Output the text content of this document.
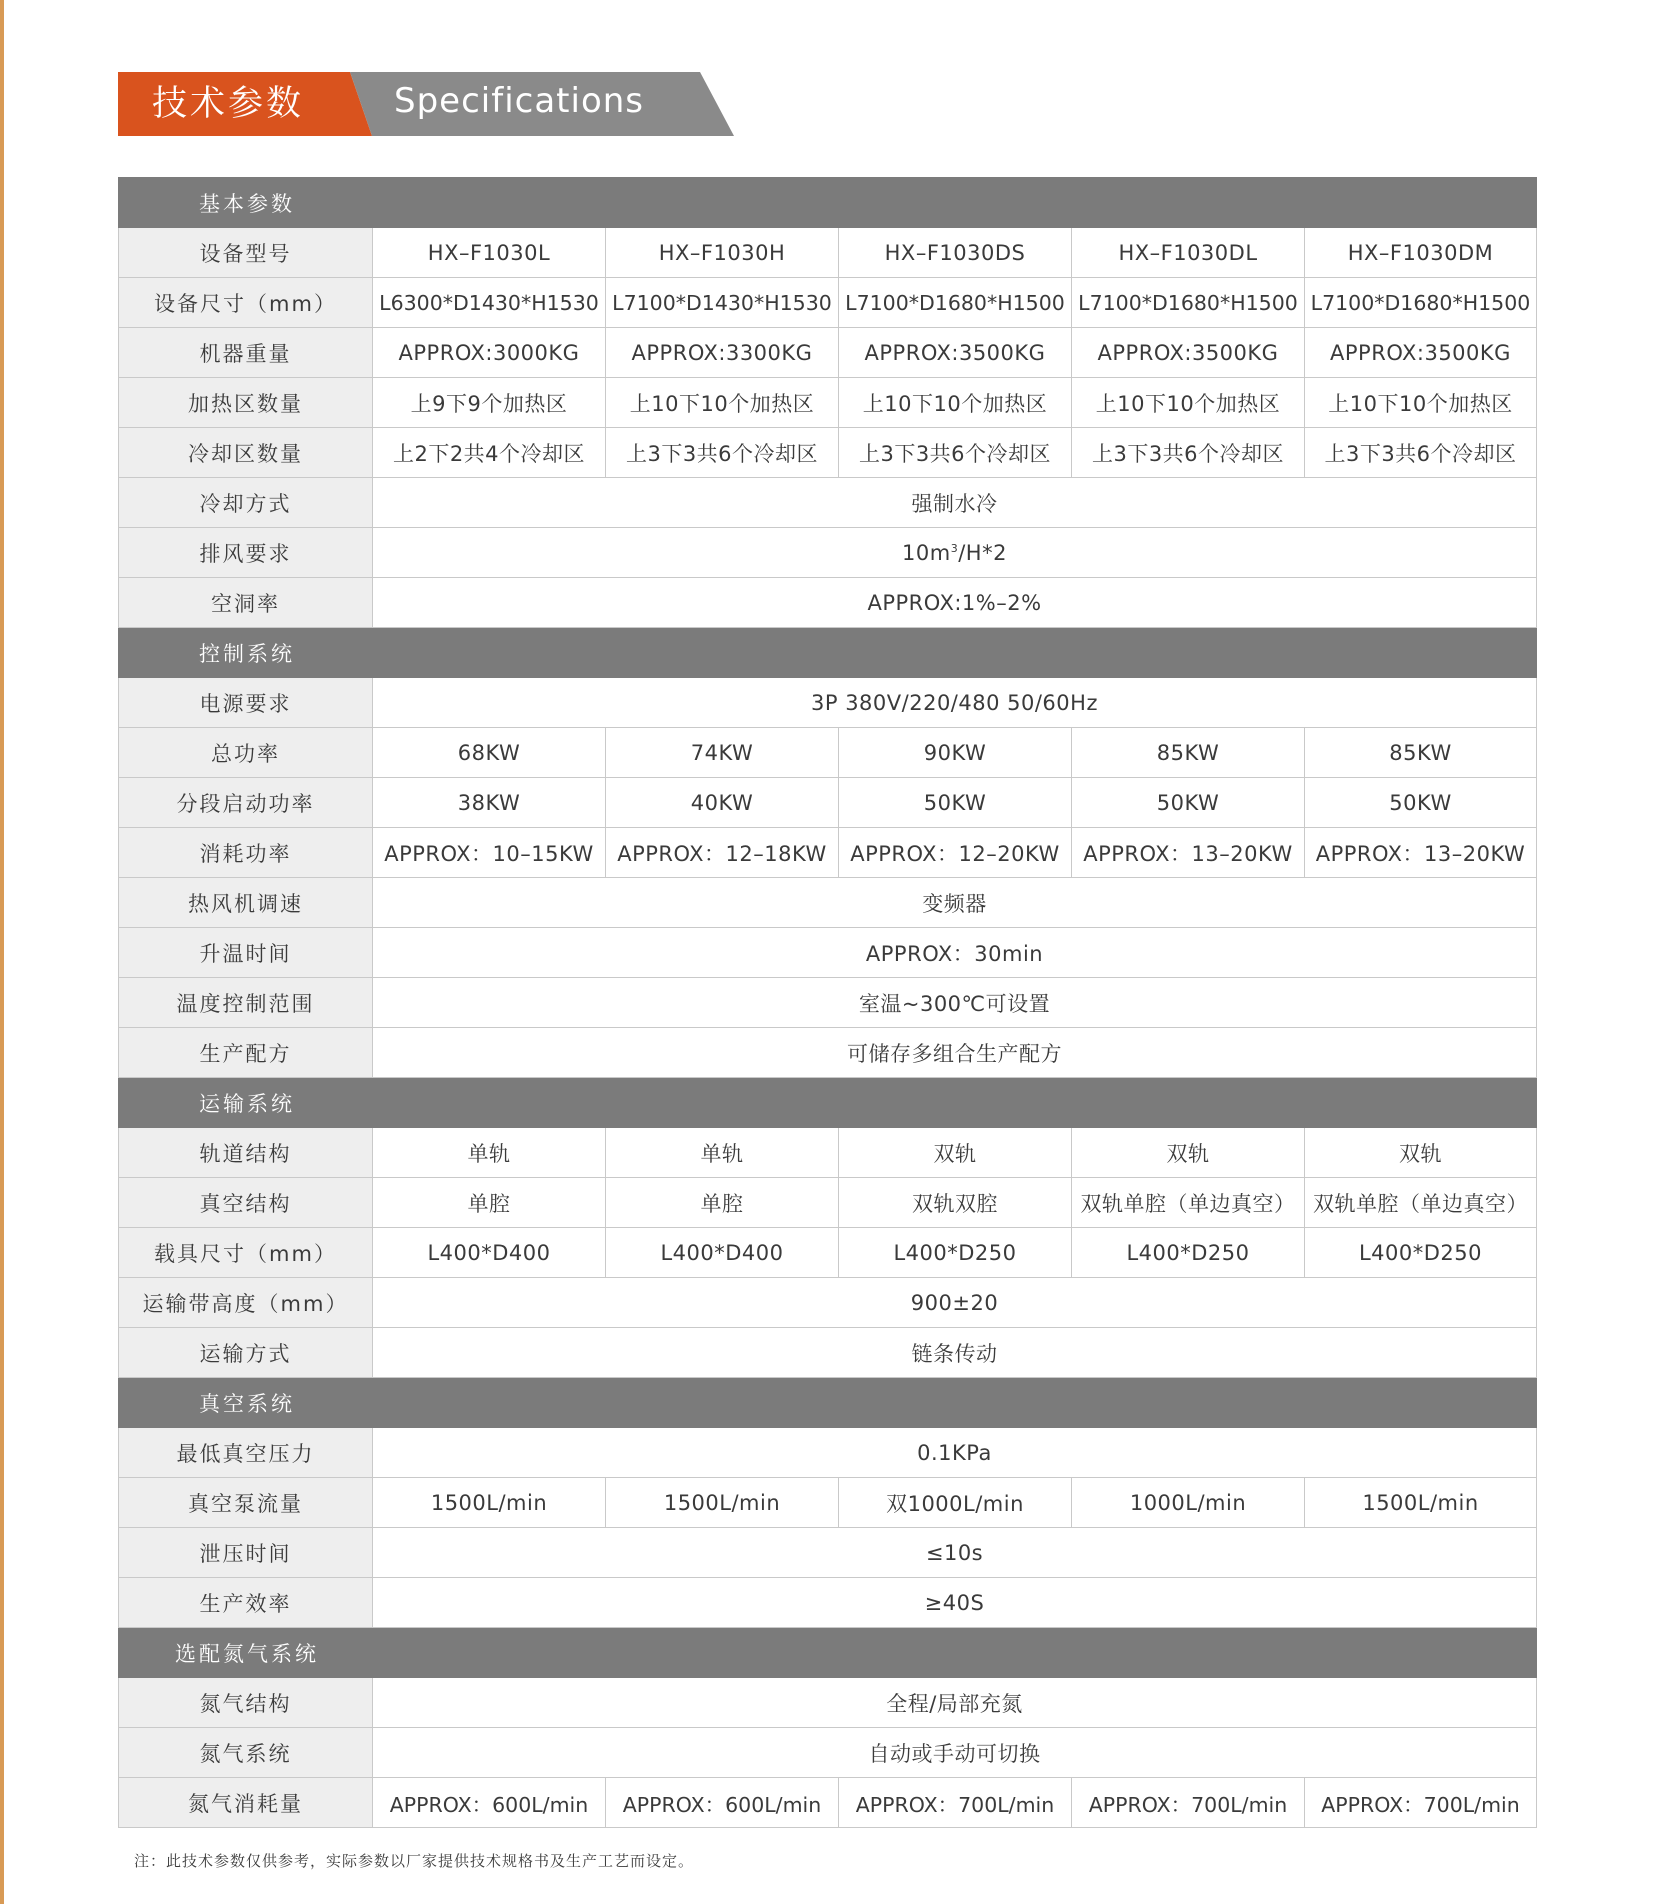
技术参数	Specifications
基本参数					
设备型号	HX–F1030L	HX–F1030H	HX–F1030DS	HX–F1030DL	HX–F1030DM
设备尺寸（mm）	L6300*D1430*H1530	L7100*D1430*H1530	L7100*D1680*H1500	L7100*D1680*H1500	L7100*D1680*H1500
机器重量	APPROX:3000KG	APPROX:3300KG	APPROX:3500KG	APPROX:3500KG	APPROX:3500KG
加热区数量	上9下9个加热区	上10下10个加热区	上10下10个加热区	上10下10个加热区	上10下10个加热区
冷却区数量	上2下2共4个冷却区	上3下3共6个冷却区	上3下3共6个冷却区	上3下3共6个冷却区	上3下3共6个冷却区
冷却方式	强制水冷				
排风要求	$10m^3/H*2$				
空洞率	APPROX:1%–2%				
控制系统					
电源要求	3P 380V/220/480 50/60Hz				
总功率	68KW	74KW	90KW	85KW	85KW
分段启动功率	38KW	40KW	50KW	50KW	50KW
消耗功率	APPROX：10–15KW	APPROX：12–18KW	APPROX：12–20KW	APPROX：13–20KW	APPROX：13–20KW
热风机调速	变频器				
升温时间	APPROX：30min				
温度控制范围	室温~300℃可设置				
生产配方	可储存多组合生产配方				
运输系统					
轨道结构	单轨	单轨	双轨	双轨	双轨
真空结构	单腔	单腔	双轨双腔	双轨单腔（单边真空）	双轨单腔（单边真空）
载具尺寸（mm）	L400*D400	L400*D400	L400*D250	L400*D250	L400*D250
运输带高度（mm）	900±20				
运输方式	链条传动				
真空系统					
最低真空压力	0.1KPa				
真空泵流量	1500L/min	1500L/min	双1000L/min	1000L/min	1500L/min
泄压时间	≤10s				
生产效率	≥40S				
选配氮气系统					
氮气结构	全程/局部充氮				
氮气系统	自动或手动可切换				
氮气消耗量	APPROX：600L/min	APPROX：600L/min	APPROX：700L/min	APPROX：700L/min	APPROX：700L/min
注：此技术参数仅供参考，实际参数以厂家提供技术规格书及生产工艺而设定。
